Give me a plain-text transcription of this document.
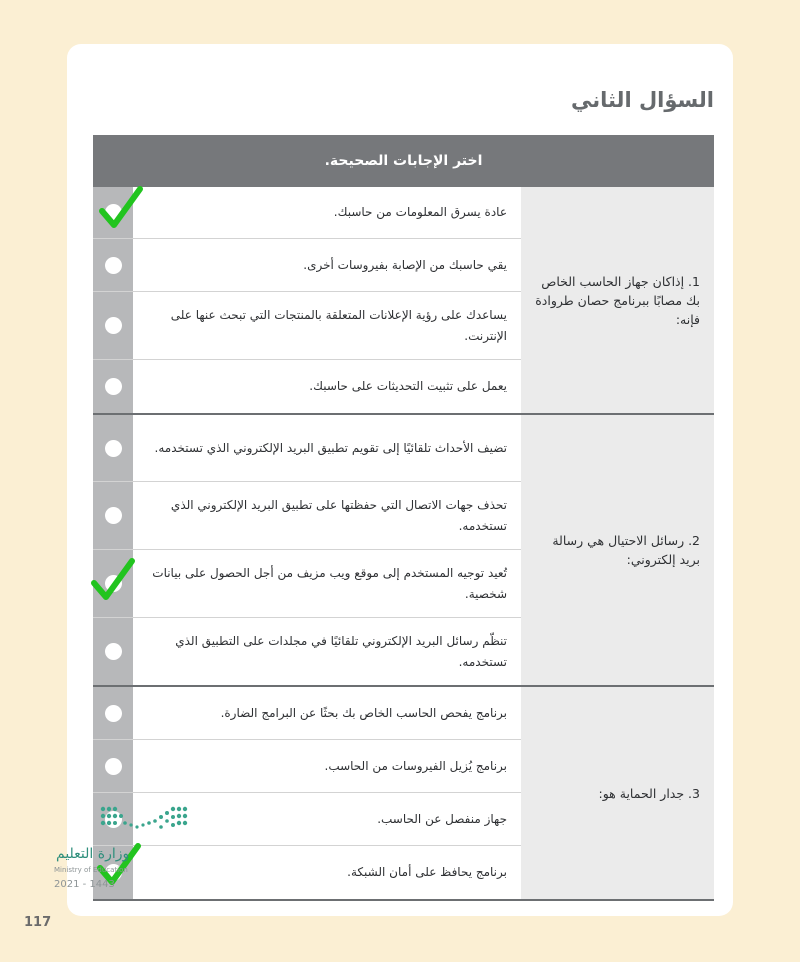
السؤال الثاني
اختر الإجابات الصحيحة.
عادة يسرق المعلومات من حاسبك.
يقي حاسبك من الإصابة بفيروسات أخرى.
يساعدك على رؤية الإعلانات المتعلقة بالمنتجات التي تبحث عنها على الإنترنت.
يعمل على تثبيت التحديثات على حاسبك.
1. إذاكان جهاز الحاسب الخاص بك مصابًا ببرنامج حصان طروادة فإنه:
تضيف الأحداث تلقائيًا إلى تقويم تطبيق البريد الإلكتروني الذي تستخدمه.
تحذف جهات الاتصال التي حفظتها على تطبيق البريد الإلكتروني الذي تستخدمه.
تُعيد توجيه المستخدم إلى موقع ويب مزيف من أجل الحصول على بيانات شخصية.
تنظّم رسائل البريد الإلكتروني تلقائيًا في مجلدات على التطبيق الذي تستخدمه.
2. رسائل الاحتيال هي رسالة بريد إلكتروني:
برنامج يفحص الحاسب الخاص بك بحثًا عن البرامج الضارة.
برنامج يُزيل الفيروسات من الحاسب.
جهاز منفصل عن الحاسب.
برنامج يحافظ على أمان الشبكة.
3. جدار الحماية هو:
وزارة التعليم
Ministry of Education
2021 - 1443
117
